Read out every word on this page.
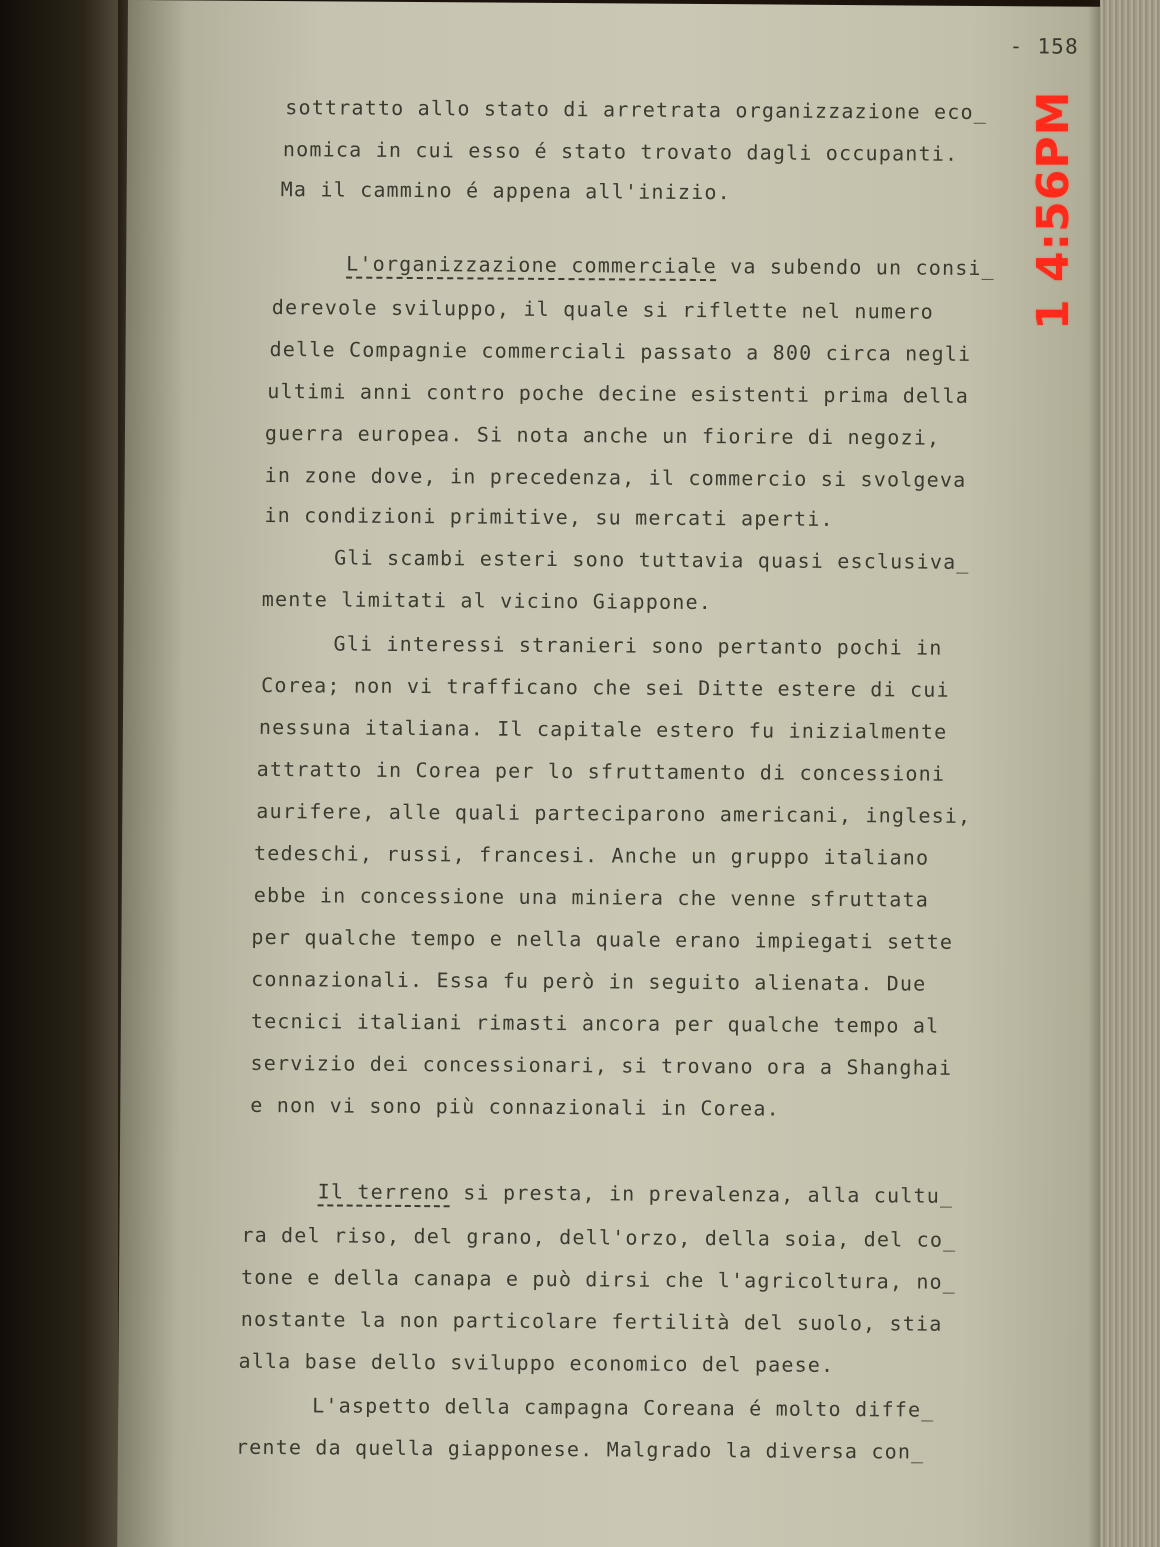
- 158
sottratto allo stato di arretrata organizzazione eco_
nomica in cui esso é stato trovato dagli occupanti.
Ma il cammino é appena all'inizio.
L'organizzazione commerciale va subendo un consi_
derevole sviluppo, il quale si riflette nel numero
delle Compagnie commerciali passato a 800 circa negli
ultimi anni contro poche decine esistenti prima della
guerra europea. Si nota anche un fiorire di negozi,
in zone dove, in precedenza, il commercio si svolgeva
in condizioni primitive, su mercati aperti.
Gli scambi esteri sono tuttavia quasi esclusiva_
mente limitati al vicino Giappone.
Gli interessi stranieri sono pertanto pochi in
Corea; non vi trafficano che sei Ditte estere di cui
nessuna italiana. Il capitale estero fu inizialmente
attratto in Corea per lo sfruttamento di concessioni
aurifere, alle quali parteciparono americani, inglesi,
tedeschi, russi, francesi. Anche un gruppo italiano
ebbe in concessione una miniera che venne sfruttata
per qualche tempo e nella quale erano impiegati sette
connazionali. Essa fu però in seguito alienata. Due
tecnici italiani rimasti ancora per qualche tempo al
servizio dei concessionari, si trovano ora a Shanghai
e non vi sono più connazionali in Corea.
Il terreno si presta, in prevalenza, alla cultu_
ra del riso, del grano, dell'orzo, della soia, del co_
tone e della canapa e può dirsi che l'agricoltura, no_
nostante la non particolare fertilità del suolo, stia
alla base dello sviluppo economico del paese.
L'aspetto della campagna Coreana é molto diffe_
rente da quella giapponese. Malgrado la diversa con_
1 4:56PM
